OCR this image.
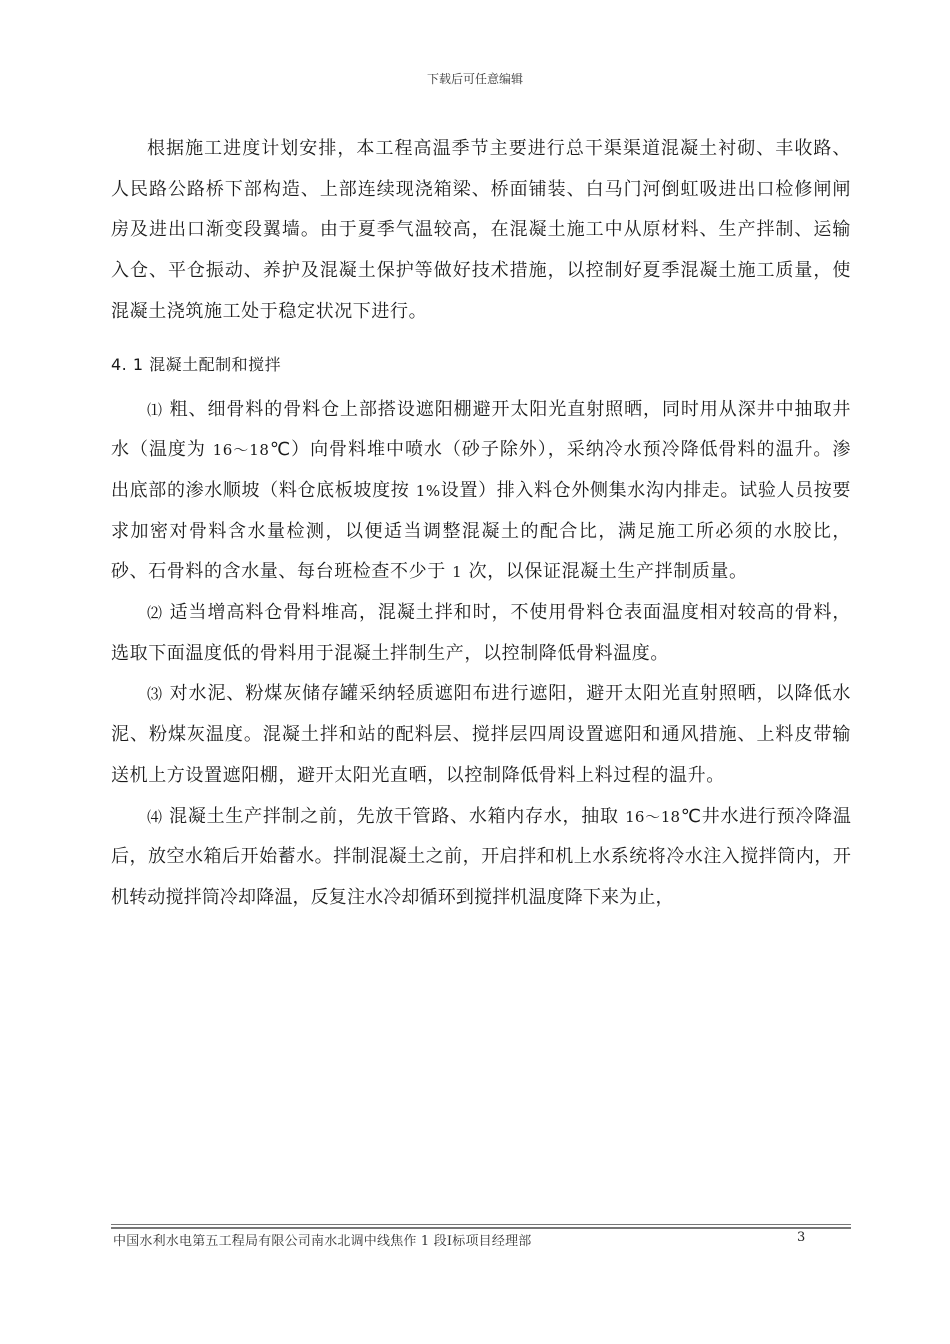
下载后可任意编辑

根据施工进度计划安排，本工程高温季节主要进行总干渠渠道混凝土衬砌、丰收路、人民路公路桥下部构造、上部连续现浇箱梁、桥面铺装、白马门河倒虹吸进出口检修闸闸房及进出口渐变段翼墙。由于夏季气温较高，在混凝土施工中从原材料、生产拌制、运输入仓、平仓振动、养护及混凝土保护等做好技术措施，以控制好夏季混凝土施工质量，使混凝土浇筑施工处于稳定状况下进行。

4. 1 混凝土配制和搅拌

⑴ 粗、细骨料的骨料仓上部搭设遮阳棚避开太阳光直射照晒，同时用从深井中抽取井水（温度为 16～18℃）向骨料堆中喷水（砂子除外），采纳冷水预冷降低骨料的温升。渗出底部的渗水顺坡（料仓底板坡度按 1%设置）排入料仓外侧集水沟内排走。试验人员按要求加密对骨料含水量检测，以便适当调整混凝土的配合比，满足施工所必须的水胶比，砂、石骨料的含水量、每台班检查不少于 1 次，以保证混凝土生产拌制质量。

⑵ 适当增高料仓骨料堆高，混凝土拌和时，不使用骨料仓表面温度相对较高的骨料，选取下面温度低的骨料用于混凝土拌制生产，以控制降低骨料温度。

⑶ 对水泥、粉煤灰储存罐采纳轻质遮阳布进行遮阳，避开太阳光直射照晒，以降低水泥、粉煤灰温度。混凝土拌和站的配料层、搅拌层四周设置遮阳和通风措施、上料皮带输送机上方设置遮阳棚，避开太阳光直晒，以控制降低骨料上料过程的温升。

⑷ 混凝土生产拌制之前，先放干管路、水箱内存水，抽取 16～18℃井水进行预冷降温后，放空水箱后开始蓄水。拌制混凝土之前，开启拌和机上水系统将冷水注入搅拌筒内，开机转动搅拌筒冷却降温，反复注水冷却循环到搅拌机温度降下来为止，

中国水利水电第五工程局有限公司南水北调中线焦作 1 段Ⅰ标项目经理部	3
